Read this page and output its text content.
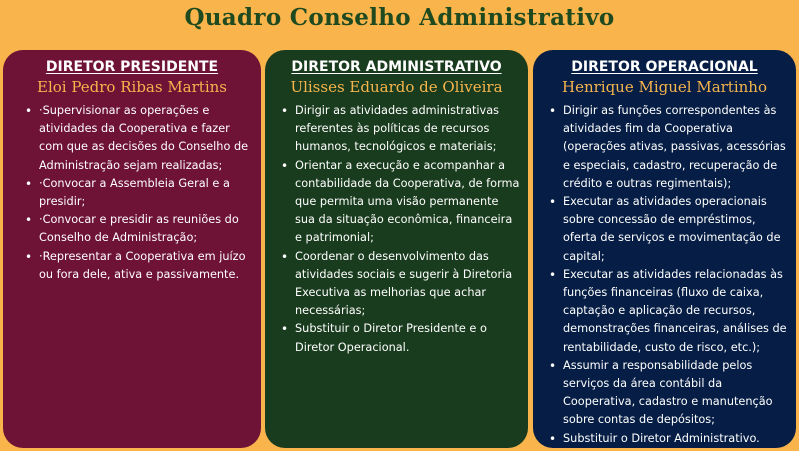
Quadro Conselho Administrativo
DIRETOR PRESIDENTE
Eloi Pedro Ribas Martins
• ·Supervisionar as operações e atividades da Cooperativa e fazer com que as decisões do Conselho de Administração sejam realizadas;
• ·Convocar a Assembleia Geral e a presidir;
• ·Convocar e presidir as reuniões do Conselho de Administração;
• ·Representar a Cooperativa em juízo ou fora dele, ativa e passivamente.
DIRETOR ADMINISTRATIVO
Ulisses Eduardo de Oliveira
• Dirigir as atividades administrativas referentes às políticas de recursos humanos, tecnológicos e materiais;
• Orientar a execução e acompanhar a contabilidade da Cooperativa, de forma que permita uma visão permanente sua da situação econômica, financeira e patrimonial;
• Coordenar o desenvolvimento das atividades sociais e sugerir à Diretoria Executiva as melhorias que achar necessárias;
• Substituir o Diretor Presidente e o Diretor Operacional.
DIRETOR OPERACIONAL
Henrique Miguel Martinho
• Dirigir as funções correspondentes às atividades fim da Cooperativa (operações ativas, passivas, acessórias e especiais, cadastro, recuperação de crédito e outras regimentais);
• Executar as atividades operacionais sobre concessão de empréstimos, oferta de serviços e movimentação de capital;
• Executar as atividades relacionadas às funções financeiras (fluxo de caixa, captação e aplicação de recursos, demonstrações financeiras, análises de rentabilidade, custo de risco, etc.);
• Assumir a responsabilidade pelos serviços da área contábil da Cooperativa, cadastro e manutenção sobre contas de depósitos;
• Substituir o Diretor Administrativo.
